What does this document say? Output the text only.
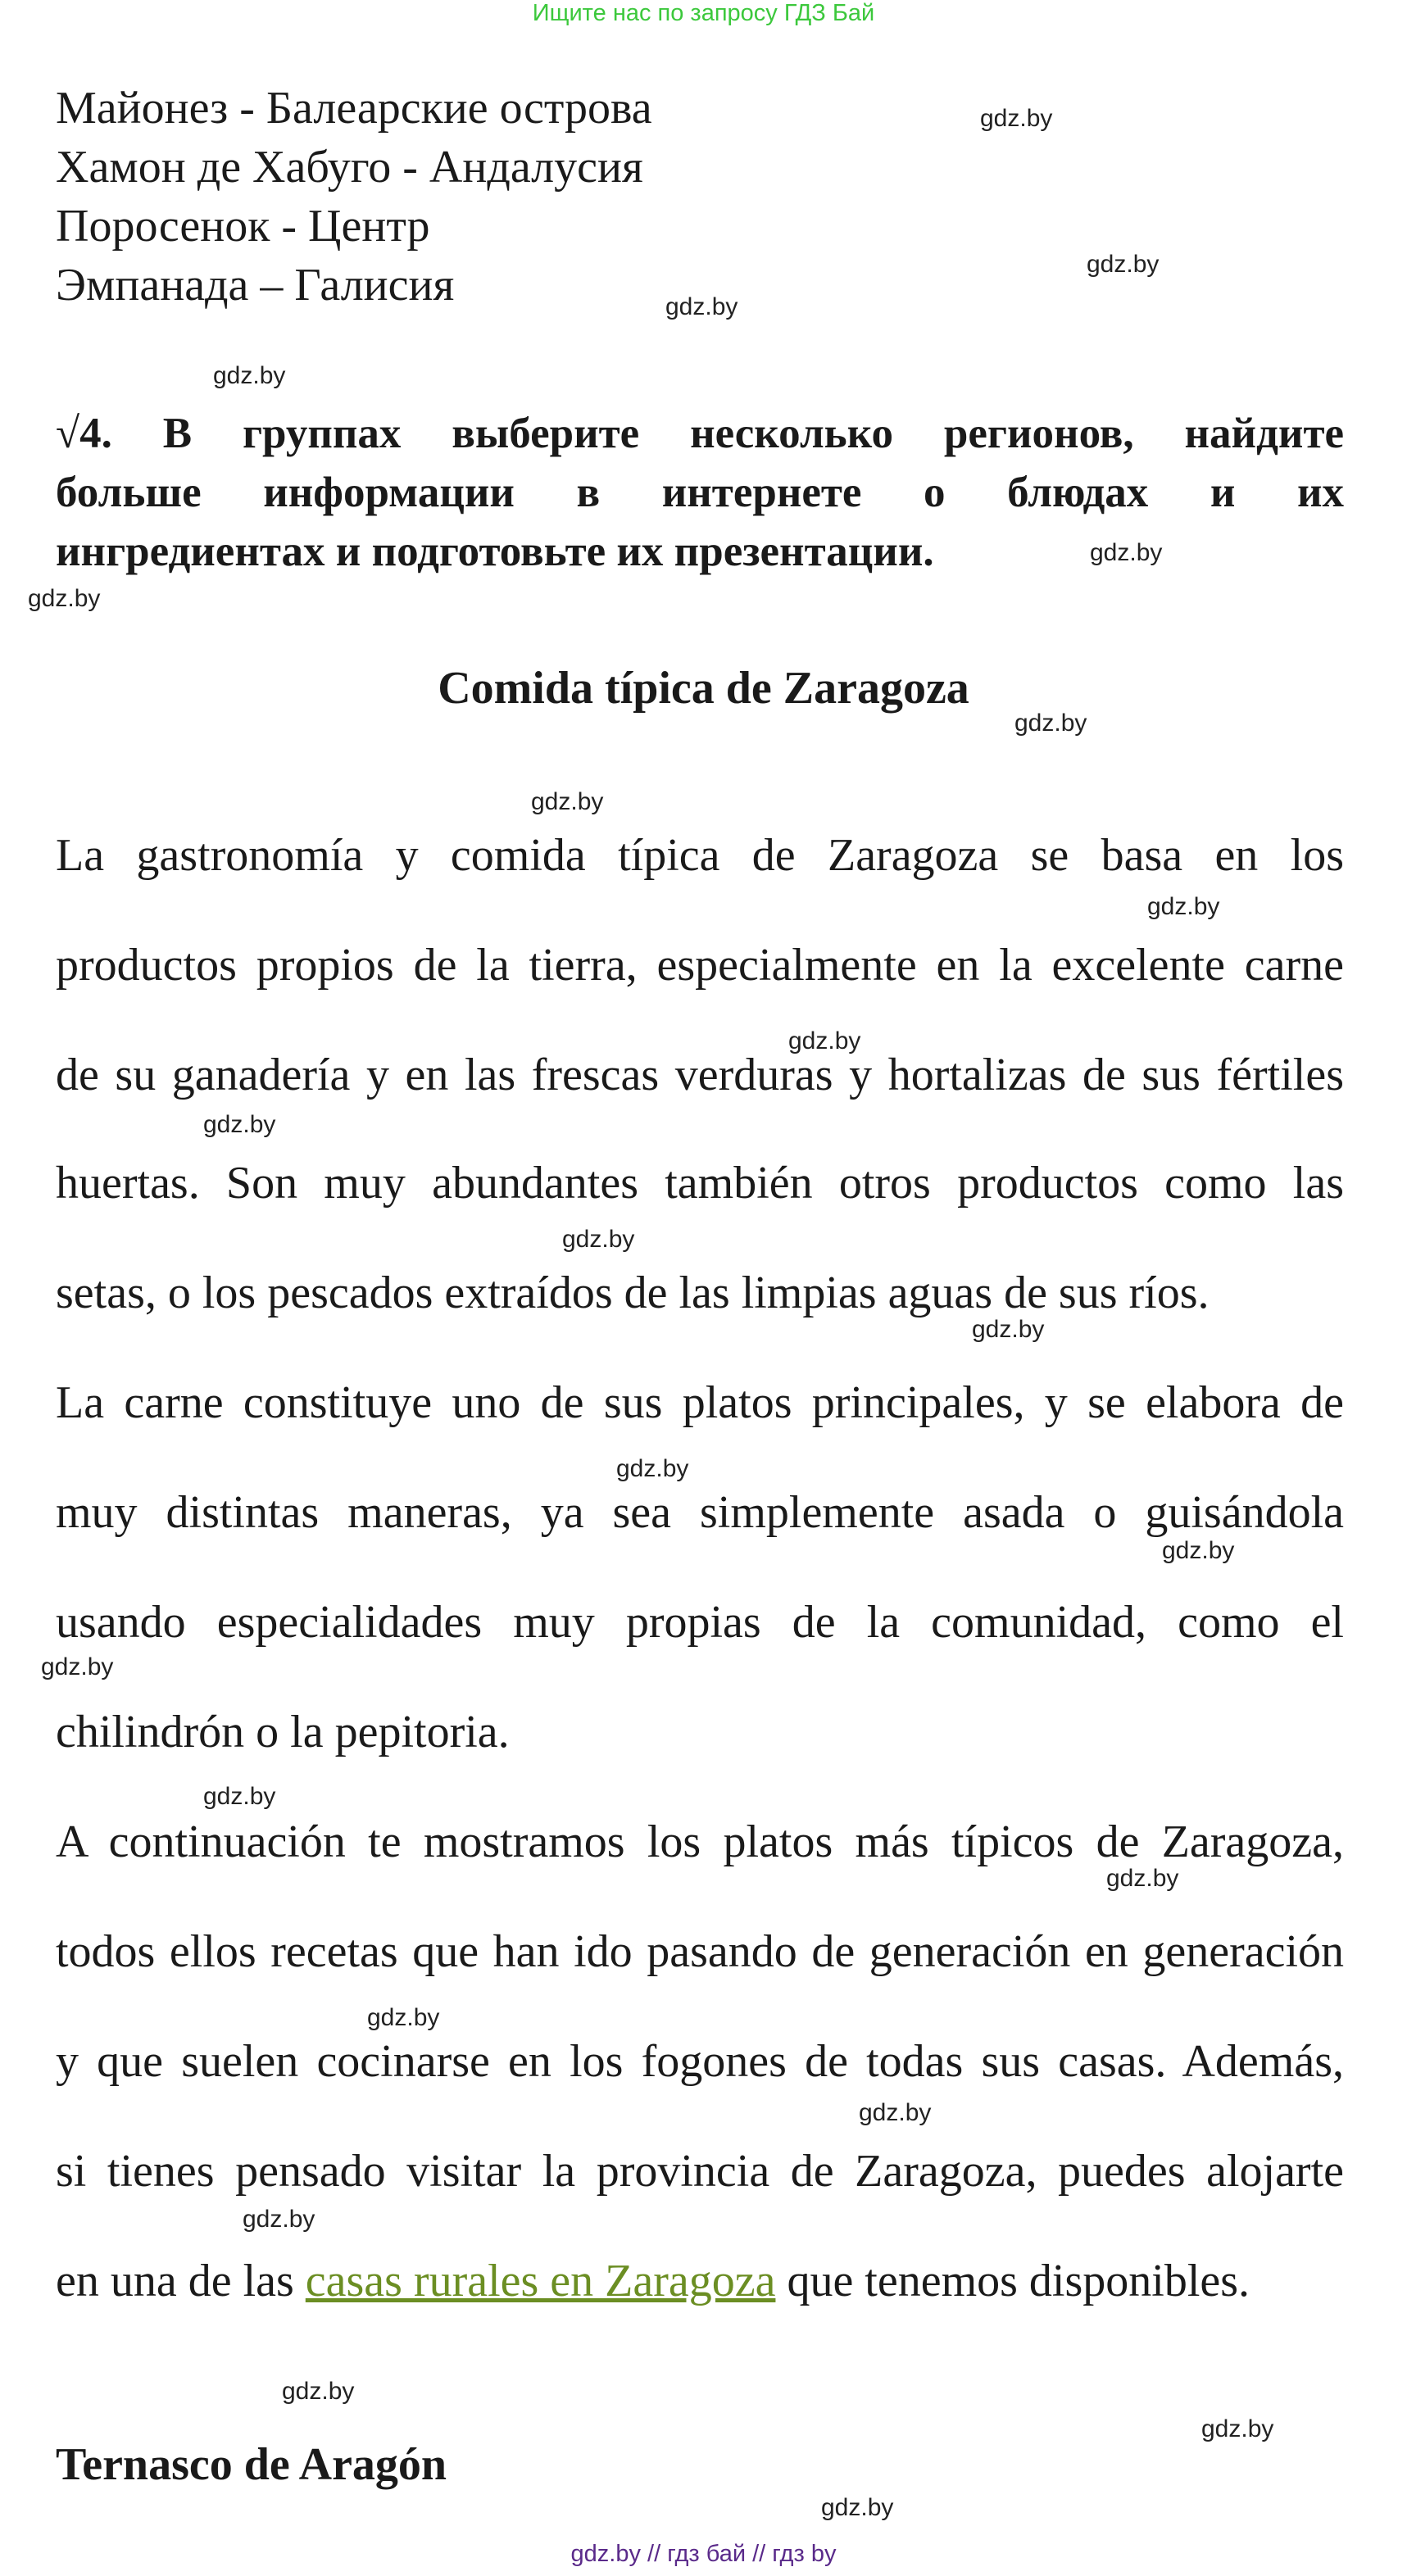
Ищите нас по запросу ГДЗ Бай
Майонез - Балеарские острова
Хамон де Хабуго - Андалусия
Поросенок - Центр
Эмпанада – Галисия
√4. В группах выберите несколько регионов, найдите
больше информации в интернете о блюдах и их
ингредиентах и подготовьте их презентации.
Comida típica de Zaragoza
La gastronomía y comida típica de Zaragoza se basa en los
productos propios de la tierra, especialmente en la excelente carne
de su ganadería y en las frescas verduras y hortalizas de sus fértiles
huertas. Son muy abundantes también otros productos como las
setas, o los pescados extraídos de las limpias aguas de sus ríos.
La carne constituye uno de sus platos principales, y se elabora de
muy distintas maneras, ya sea simplemente asada o guisándola
usando especialidades muy propias de la comunidad, como el
chilindrón o la pepitoria.
A continuación te mostramos los platos más típicos de Zaragoza,
todos ellos recetas que han ido pasando de generación en generación
y que suelen cocinarse en los fogones de todas sus casas. Además,
si tienes pensado visitar la provincia de Zaragoza, puedes alojarte
en una de las casas rurales en Zaragoza que tenemos disponibles.
Ternasco de Aragón
gdz.by
gdz.by
gdz.by
gdz.by
gdz.by
gdz.by
gdz.by
gdz.by
gdz.by
gdz.by
gdz.by
gdz.by
gdz.by
gdz.by
gdz.by
gdz.by
gdz.by
gdz.by
gdz.by
gdz.by
gdz.by
gdz.by
gdz.by
gdz.by
gdz.by // гдз бай // гдз by
